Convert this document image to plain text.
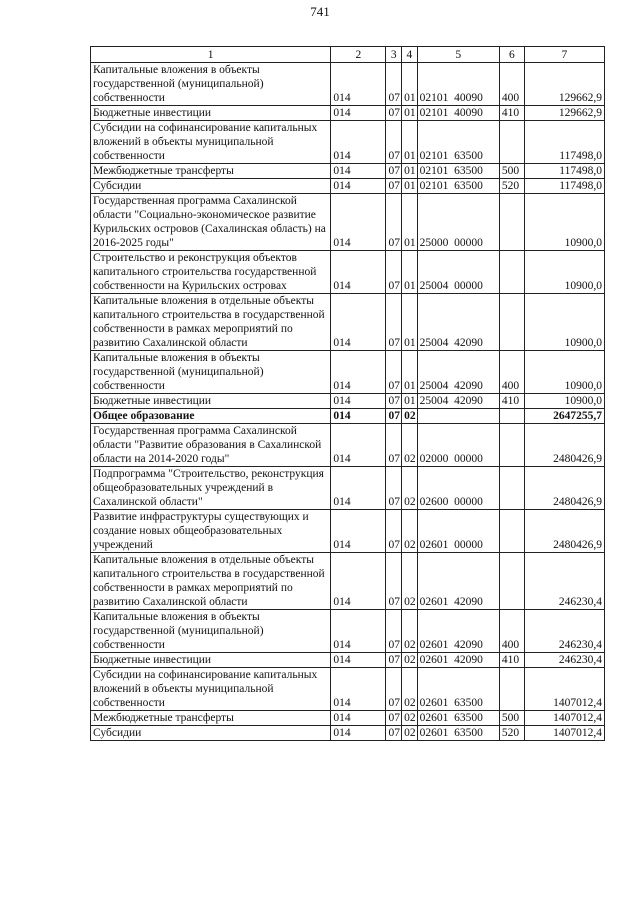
741
1	2	3	4	5	6	7
Капитальные вложения в объекты государственной (муниципальной) собственности	014	07	01	02101  40090	400	129662,9
Бюджетные инвестиции	014	07	01	02101  40090	410	129662,9
Субсидии на софинансирование капитальных вложений в объекты муниципальной собственности	014	07	01	02101  63500		117498,0
Межбюджетные трансферты	014	07	01	02101  63500	500	117498,0
Субсидии	014	07	01	02101  63500	520	117498,0
Государственная программа Сахалинской области "Социально-экономическое развитие Курильских островов (Сахалинская область) на 2016-2025 годы"	014	07	01	25000  00000		10900,0
Строительство и реконструкция объектов капитального строительства государственной собственности на Курильских островах	014	07	01	25004  00000		10900,0
Капитальные вложения в отдельные объекты капитального строительства в государственной собственности в рамках мероприятий по развитию Сахалинской области	014	07	01	25004  42090		10900,0
Капитальные вложения в объекты государственной (муниципальной) собственности	014	07	01	25004  42090	400	10900,0
Бюджетные инвестиции	014	07	01	25004  42090	410	10900,0
Общее образование	014	07	02			2647255,7
Государственная программа Сахалинской области "Развитие образования в Сахалинской области на 2014-2020 годы"	014	07	02	02000  00000		2480426,9
Подпрограмма "Строительство, реконструкция общеобразовательных учреждений в Сахалинской области"	014	07	02	02600  00000		2480426,9
Развитие инфраструктуры существующих и создание новых общеобразовательных учреждений	014	07	02	02601  00000		2480426,9
Капитальные вложения в отдельные объекты капитального строительства в государственной собственности в рамках мероприятий по развитию Сахалинской области	014	07	02	02601  42090		246230,4
Капитальные вложения в объекты государственной (муниципальной) собственности	014	07	02	02601  42090	400	246230,4
Бюджетные инвестиции	014	07	02	02601  42090	410	246230,4
Субсидии на софинансирование капитальных вложений в объекты муниципальной собственности	014	07	02	02601  63500		1407012,4
Межбюджетные трансферты	014	07	02	02601  63500	500	1407012,4
Субсидии	014	07	02	02601  63500	520	1407012,4
